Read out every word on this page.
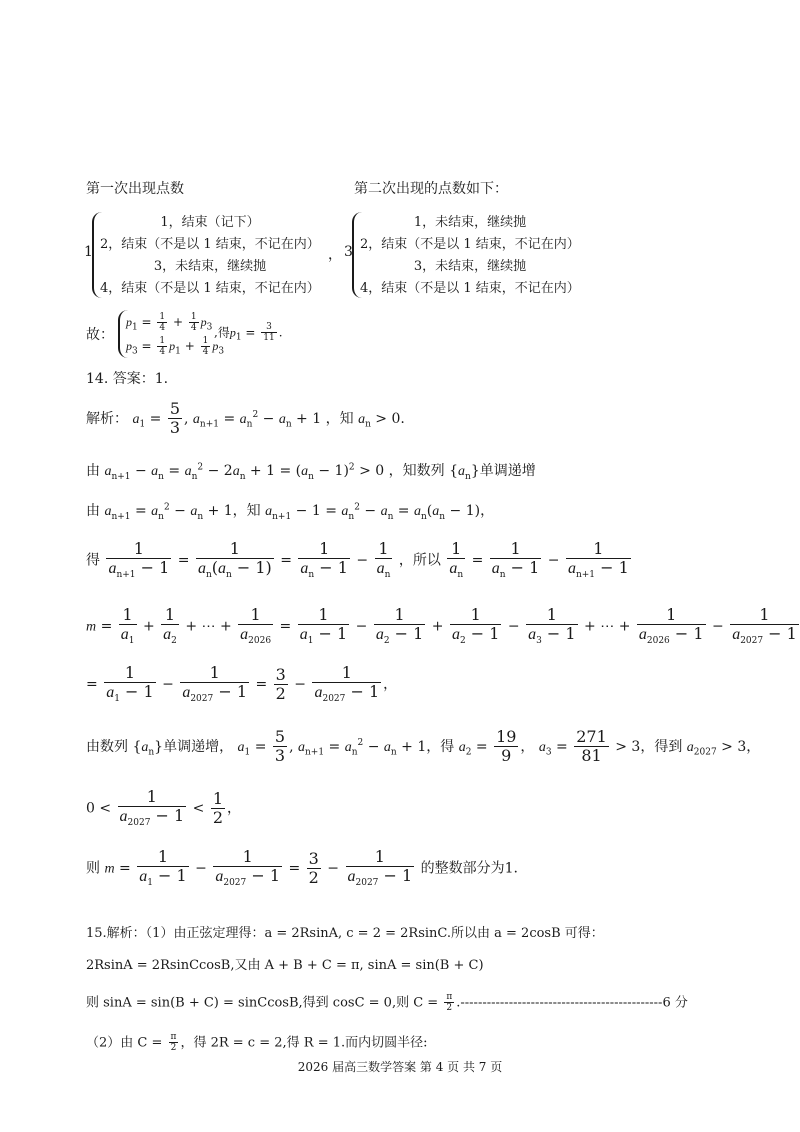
第一次出现点数	第二次出现的点数如下：
1
1，结束（记下）
2，结束（不是以 1 结束，不记在内）
3，未结束，继续抛
4，结束（不是以 1 结束，不记在内）
， 3
1，未结束，继续抛
2，结束（不是以 1 结束，不记在内）
3，未结束，继续抛
4，结束（不是以 1 结束，不记在内）
故：
$p_1 = \frac{1}{4} + \frac{1}{4} p_3$
$p_3 = \frac{1}{4} p_1 + \frac{1}{4} p_3$
,得$p_1 = \frac{3}{11}$ .
14. 答案：1.
解析： $a_1 = \frac{5}{3}$ , $a_{n+1} = a_n^2 - a_n + 1$ ，知 $a_n > 0$.
由 $a_{n+1} - a_n = a_n^2 - 2a_n + 1 = (a_n - 1)^2 > 0$ ，知数列 $\{a_n\}$单调递增
由 $a_{n+1} = a_n^2 - a_n + 1$，知 $a_{n+1} - 1 = a_n^2 - a_n = a_n(a_n - 1)$，
得 $\frac{1}{a_{n+1} - 1} = \frac{1}{a_n(a_n - 1)} = \frac{1}{a_n - 1} - \frac{1}{a_n}$ ，所以 $\frac{1}{a_n} = \frac{1}{a_n - 1} - \frac{1}{a_{n+1} - 1}$
$m = \frac{1}{a_1} + \frac{1}{a_2}$ + ⋯ + $\frac{1}{a_{2026}} = \frac{1}{a_1 - 1} - \frac{1}{a_2 - 1} + \frac{1}{a_2 - 1} - \frac{1}{a_3 - 1}$ + ⋯ + $\frac{1}{a_{2026} - 1} - \frac{1}{a_{2027} - 1}$
= $\frac{1}{a_1 - 1} - \frac{1}{a_{2027} - 1} = \frac{3}{2} - \frac{1}{a_{2027} - 1}$ ，
由数列 $\{a_n\}$单调递增， $a_1 = \frac{5}{3}$ , $a_{n+1} = a_n^2 - a_n + 1$，得 $a_2 = \frac{19}{9}$ ， $a_3 = \frac{271}{81} > 3$，得到 $a_{2027} > 3$，
$0 < \frac{1}{a_{2027} - 1} < \frac{1}{2}$ ，
则 $m = \frac{1}{a_1 - 1} - \frac{1}{a_{2027} - 1} = \frac{3}{2} - \frac{1}{a_{2027} - 1}$ 的整数部分为1.
15.解析：（1）由正弦定理得：a = 2RsinA, c = 2 = 2RsinC.所以由 a = 2cosB 可得：
2RsinA = 2RsinCcosB,又由 A + B + C = π, sinA = sin(B + C)
则 sinA = sin(B + C) = sinCcosB,得到 cosC = 0,则 $C = \frac{\pi}{2} .----------------------------------------------6$ 分
（2）由 $C = \frac{\pi}{2}$ ，得 2R = c = 2,得 R = 1.而内切圆半径:
2026 届高三数学答案 第 4 页 共 7 页
